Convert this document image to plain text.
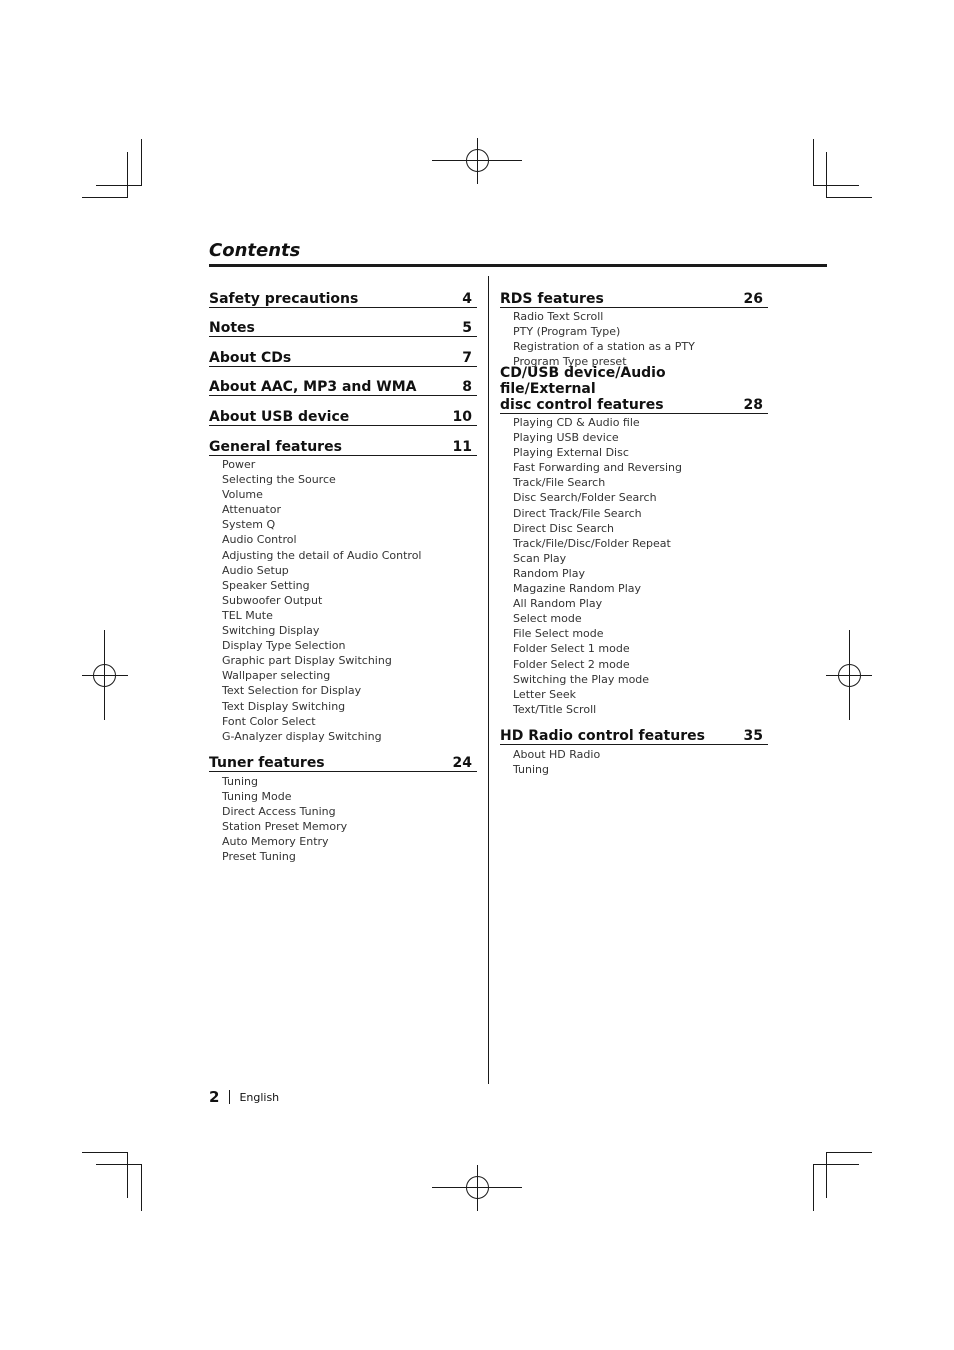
Contents
Safety precautions	4
Notes	5
About CDs	7
About AAC, MP3 and WMA	8
About USB device	10
General features	11
Power
Selecting the Source
Volume
Attenuator
System Q
Audio Control
Adjusting the detail of Audio Control
Audio Setup
Speaker Setting
Subwoofer Output
TEL Mute
Switching Display
Display Type Selection
Graphic part Display Switching
Wallpaper selecting
Text Selection for Display
Text Display Switching
Font Color Select
G-Analyzer display Switching
Tuner features	24
Tuning
Tuning Mode
Direct Access Tuning
Station Preset Memory
Auto Memory Entry
Preset Tuning
RDS features	26
Radio Text Scroll
PTY (Program Type)
Registration of a station as a PTY
Program Type preset
CD/USB device/Audio file/External
disc control features	28
Playing CD & Audio file
Playing USB device
Playing External Disc
Fast Forwarding and Reversing
Track/File Search
Disc Search/Folder Search
Direct Track/File Search
Direct Disc Search
Track/File/Disc/Folder Repeat
Scan Play
Random Play
Magazine Random Play
All Random Play
Select mode
File Select mode
Folder Select 1 mode
Folder Select 2 mode
Switching the Play mode
Letter Seek
Text/Title Scroll
HD Radio control features	35
About HD Radio
Tuning
2 English
